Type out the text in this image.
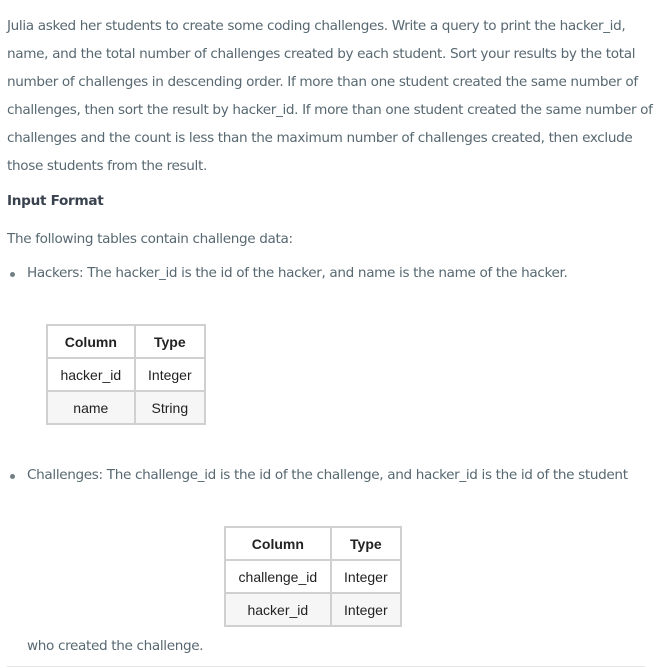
Julia asked her students to create some coding challenges. Write a query to print the hacker_id, name, and the total number of challenges created by each student. Sort your results by the total number of challenges in descending order. If more than one student created the same number of challenges, then sort the result by hacker_id. If more than one student created the same number of challenges and the count is less than the maximum number of challenges created, then exclude those students from the result.
Input Format
The following tables contain challenge data:
Hackers: The hacker_id is the id of the hacker, and name is the name of the hacker.
Column	Type
hacker_id	Integer
name	String
Challenges: The challenge_id is the id of the challenge, and hacker_id is the id of the student
Column	Type
challenge_id	Integer
hacker_id	Integer
who created the challenge.
